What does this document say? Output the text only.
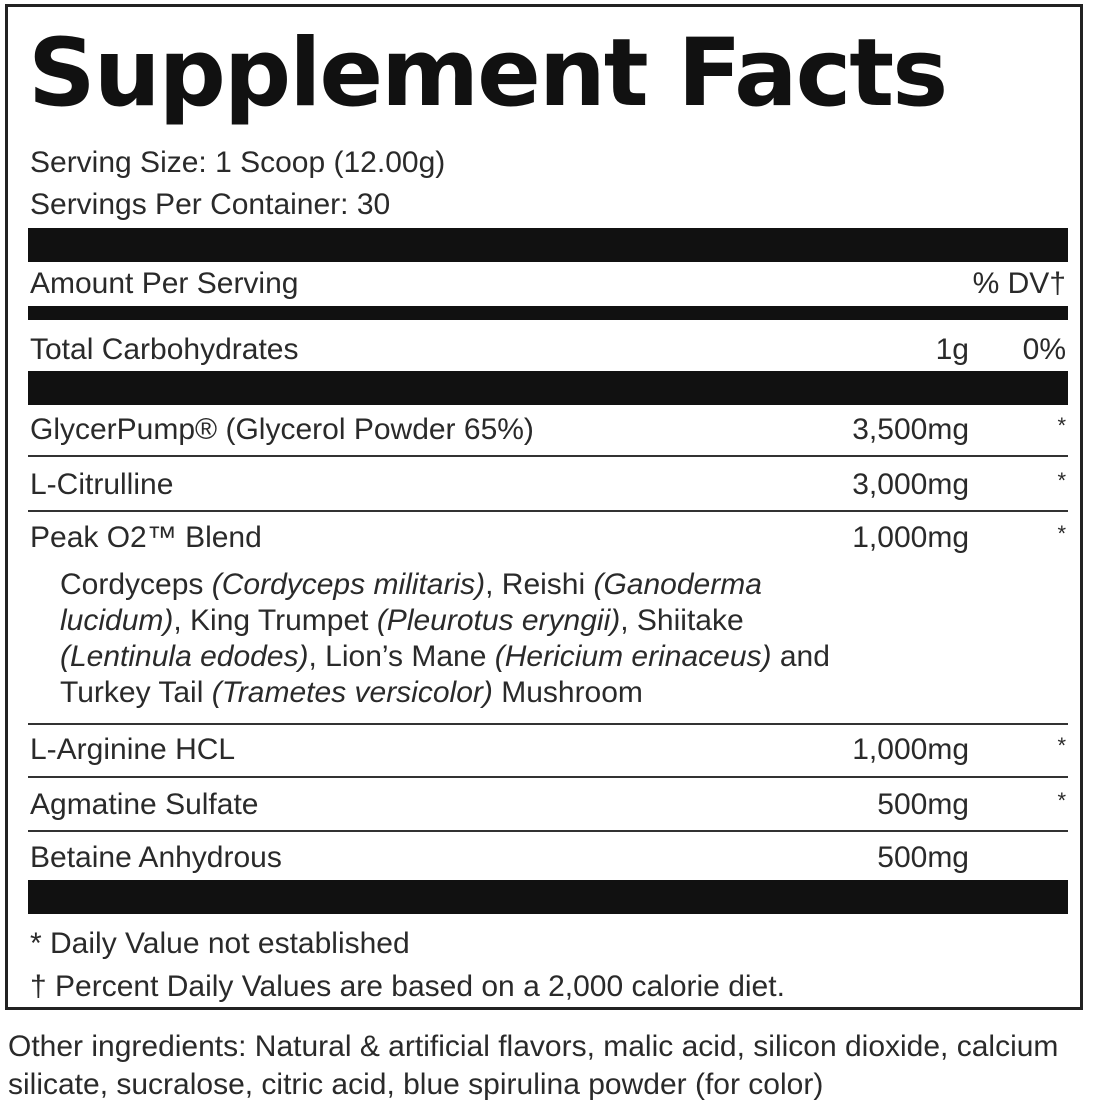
Supplement Facts
Serving Size: 1 Scoop (12.00g)
Servings Per Container: 30
Amount Per Serving	% DV†
Total Carbohydrates	1g 0%
GlycerPump® (Glycerol Powder 65%)	3,500mg	*
L-Citrulline	3,000mg	*
Peak O2™ Blend	1,000mg	*
Cordyceps (Cordyceps militaris), Reishi (Ganoderma lucidum), King Trumpet (Pleurotus eryngii), Shiitake (Lentinula edodes), Lion’s Mane (Hericium erinaceus) and Turkey Tail (Trametes versicolor) Mushroom
L-Arginine HCL	1,000mg	*
Agmatine Sulfate	500mg	*
Betaine Anhydrous	500mg
* Daily Value not established
† Percent Daily Values are based on a 2,000 calorie diet.
Other ingredients: Natural & artificial flavors, malic acid, silicon dioxide, calcium silicate, sucralose, citric acid, blue spirulina powder (for color)
